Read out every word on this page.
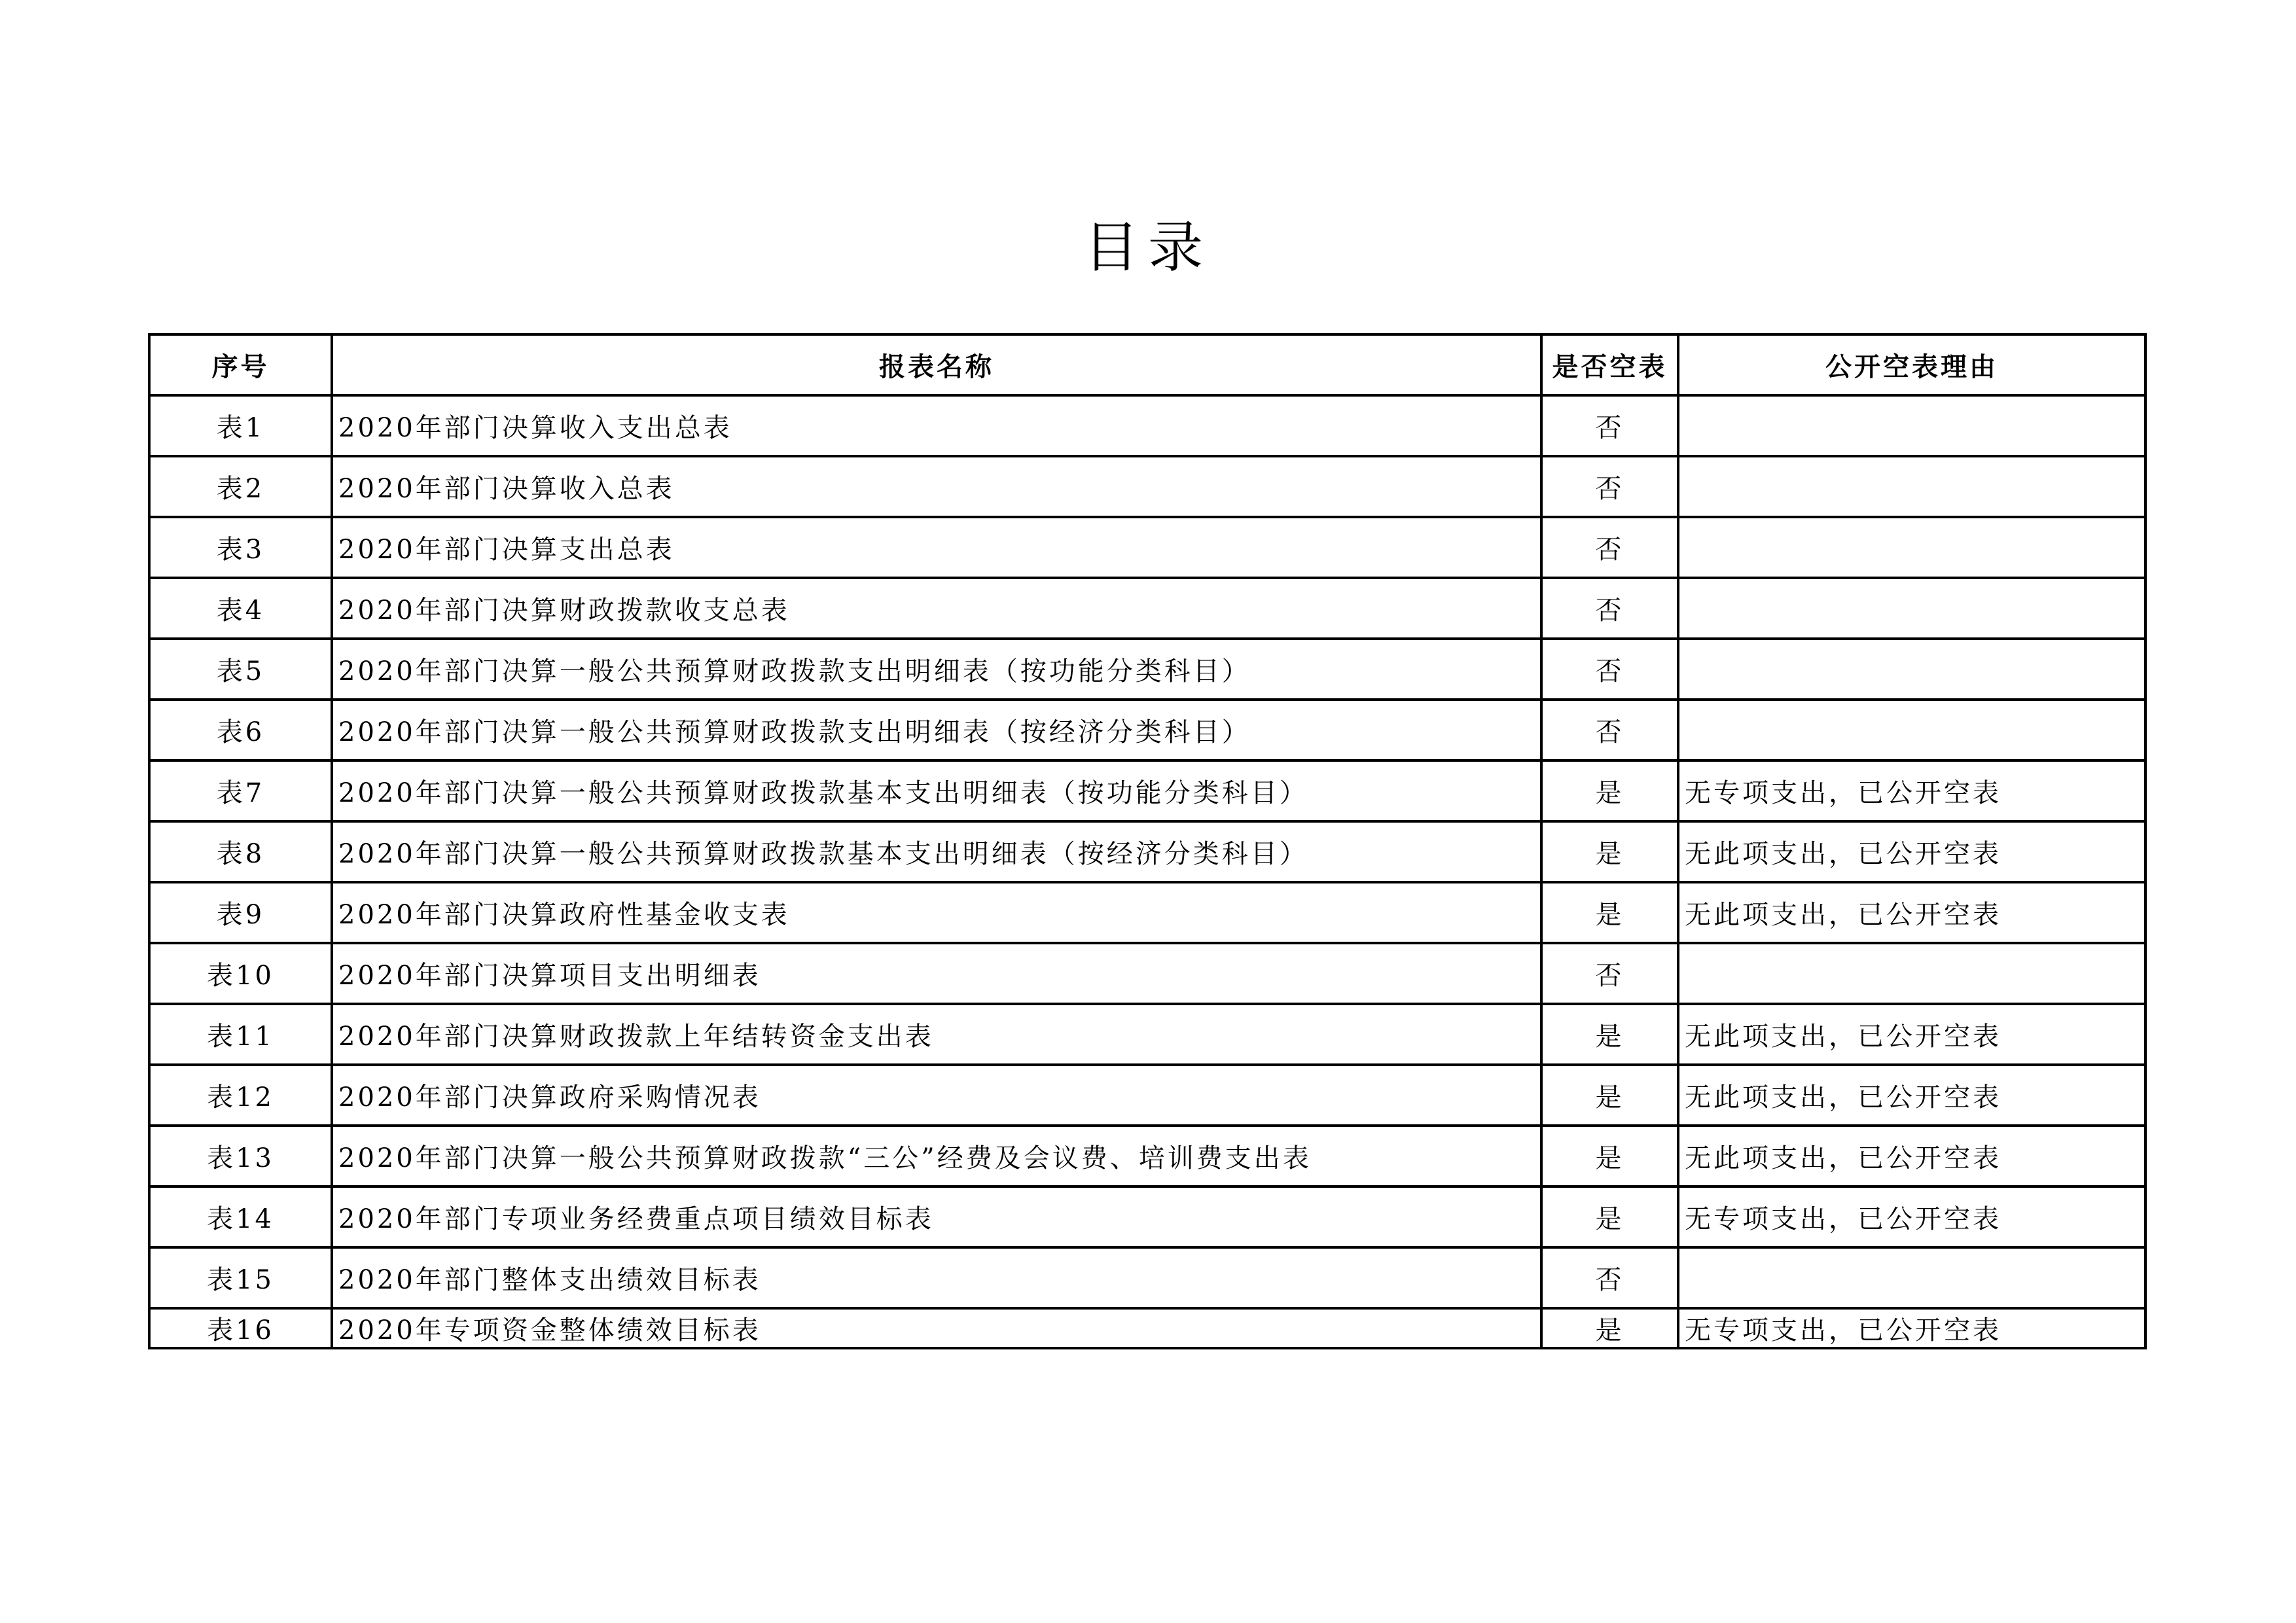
目录
序号	报表名称	是否空表	公开空表理由
表1	2020年部门决算收入支出总表	否	
表2	2020年部门决算收入总表	否	
表3	2020年部门决算支出总表	否	
表4	2020年部门决算财政拨款收支总表	否	
表5	2020年部门决算一般公共预算财政拨款支出明细表（按功能分类科目）	否	
表6	2020年部门决算一般公共预算财政拨款支出明细表（按经济分类科目）	否	
表7	2020年部门决算一般公共预算财政拨款基本支出明细表（按功能分类科目）	是	无专项支出，已公开空表
表8	2020年部门决算一般公共预算财政拨款基本支出明细表（按经济分类科目）	是	无此项支出，已公开空表
表9	2020年部门决算政府性基金收支表	是	无此项支出，已公开空表
表10	2020年部门决算项目支出明细表	否	
表11	2020年部门决算财政拨款上年结转资金支出表	是	无此项支出，已公开空表
表12	2020年部门决算政府采购情况表	是	无此项支出，已公开空表
表13	2020年部门决算一般公共预算财政拨款“三公”经费及会议费、培训费支出表	是	无此项支出，已公开空表
表14	2020年部门专项业务经费重点项目绩效目标表	是	无专项支出，已公开空表
表15	2020年部门整体支出绩效目标表	否	
表16	2020年专项资金整体绩效目标表	是	无专项支出，已公开空表
